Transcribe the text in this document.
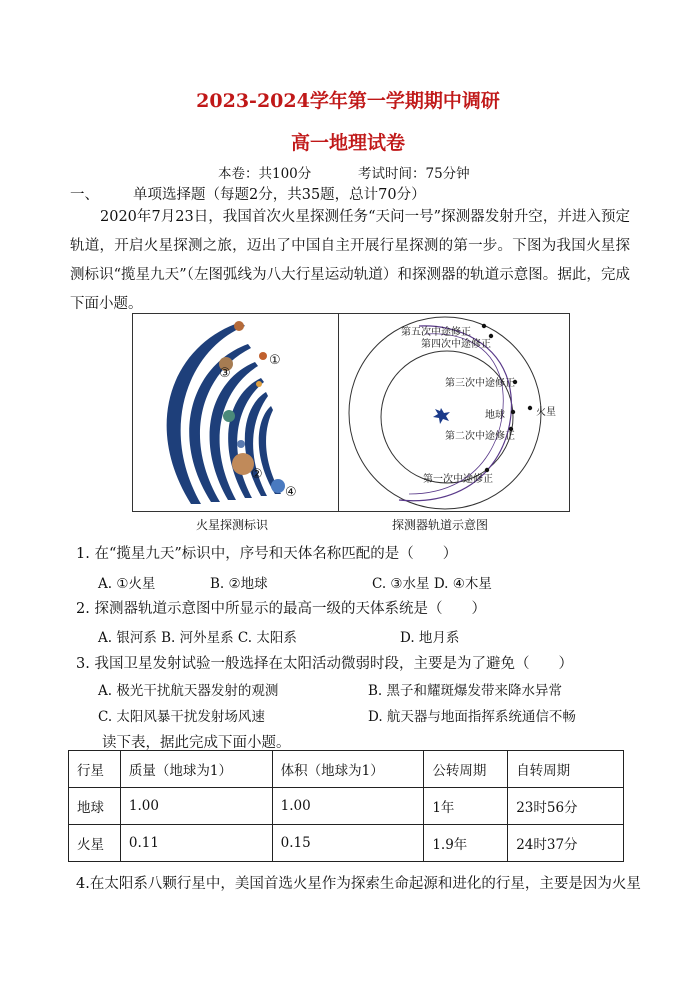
2023-2024学年第一学期期中调研
高一地理试卷
本卷：共100分	考试时间：75分钟
一、 单项选择题（每题2分，共35题，总计70分）
2020年7月23日，我国首次火星探测任务“天问一号”探测器发射升空，并进入预定轨道，开启火星探测之旅，迈出了中国自主开展行星探测的第一步。下图为我国火星探测标识“揽星九天”（左图弧线为八大行星运动轨道）和探测器的轨道示意图。据此，完成下面小题。
①
③
②
④
第五次中途修正
第四次中途修正
第三次中途修正
地球	火星
第二次中途修正
第一次中途修正
火星探测标识	探测器轨道示意图
1. 在“揽星九天”标识中，序号和天体名称匹配的是（　　）
A. ①火星	B. ②地球	C. ③水星 D. ④木星
2. 探测器轨道示意图中所显示的最高一级的天体系统是（　　）
A. 银河系 B. 河外星系 C. 太阳系	D. 地月系
3. 我国卫星发射试验一般选择在太阳活动微弱时段，主要是为了避免（　　）
A. 极光干扰航天器发射的观测	B. 黑子和耀斑爆发带来降水异常
C. 太阳风暴干扰发射场风速	D. 航天器与地面指挥系统通信不畅
读下表，据此完成下面小题。
行星	质量（地球为1）	体积（地球为1）	公转周期	自转周期
地球	1.00	1.00	1年	23时56分
火星	0.11	0.15	1.9年	24时37分
4.在太阳系八颗行星中，美国首选火星作为探索生命起源和进化的行星，主要是因为火星
